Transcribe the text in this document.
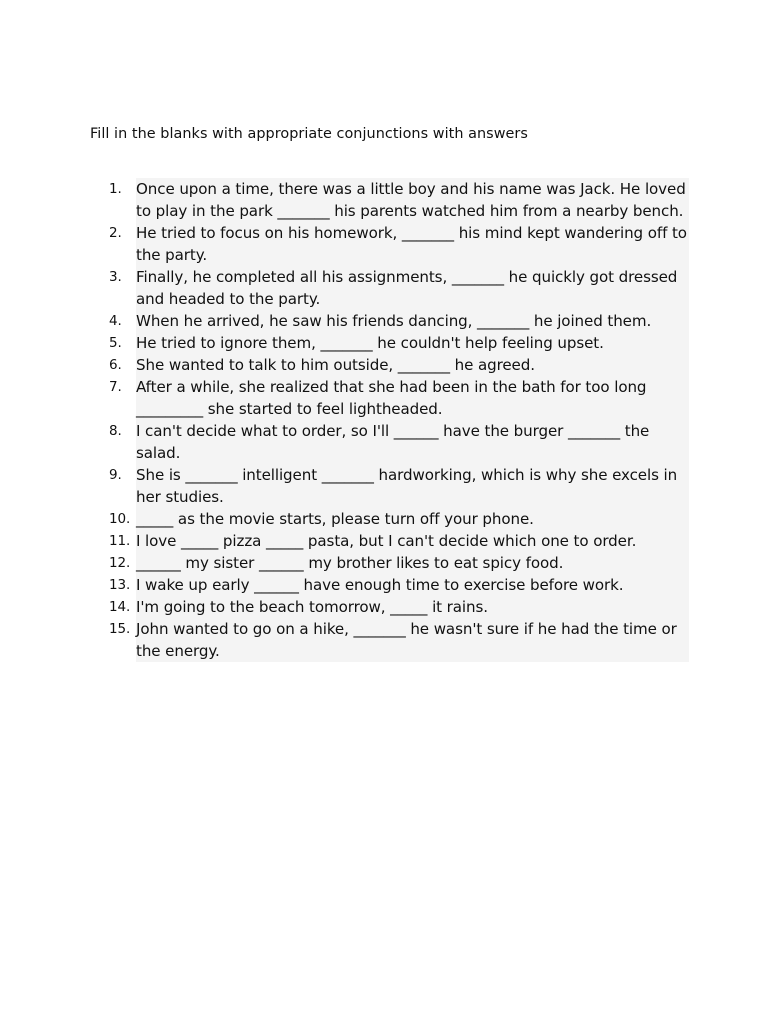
Fill in the blanks with appropriate conjunctions with answers
1. Once upon a time, there was a little boy and his name was Jack. He loved to play in the park _______ his parents watched him from a nearby bench.
2. He tried to focus on his homework, _______ his mind kept wandering off to the party.
3. Finally, he completed all his assignments, _______ he quickly got dressed and headed to the party.
4. When he arrived, he saw his friends dancing, _______ he joined them.
5. He tried to ignore them, _______ he couldn't help feeling upset.
6. She wanted to talk to him outside, _______ he agreed.
7. After a while, she realized that she had been in the bath for too long _________ she started to feel lightheaded.
8. I can't decide what to order, so I'll ______ have the burger _______ the salad.
9. She is _______ intelligent _______ hardworking, which is why she excels in her studies.
10. _____ as the movie starts, please turn off your phone.
11. I love _____ pizza _____ pasta, but I can't decide which one to order.
12. ______ my sister ______ my brother likes to eat spicy food.
13. I wake up early ______ have enough time to exercise before work.
14. I'm going to the beach tomorrow, _____ it rains.
15. John wanted to go on a hike, _______ he wasn't sure if he had the time or the energy.
